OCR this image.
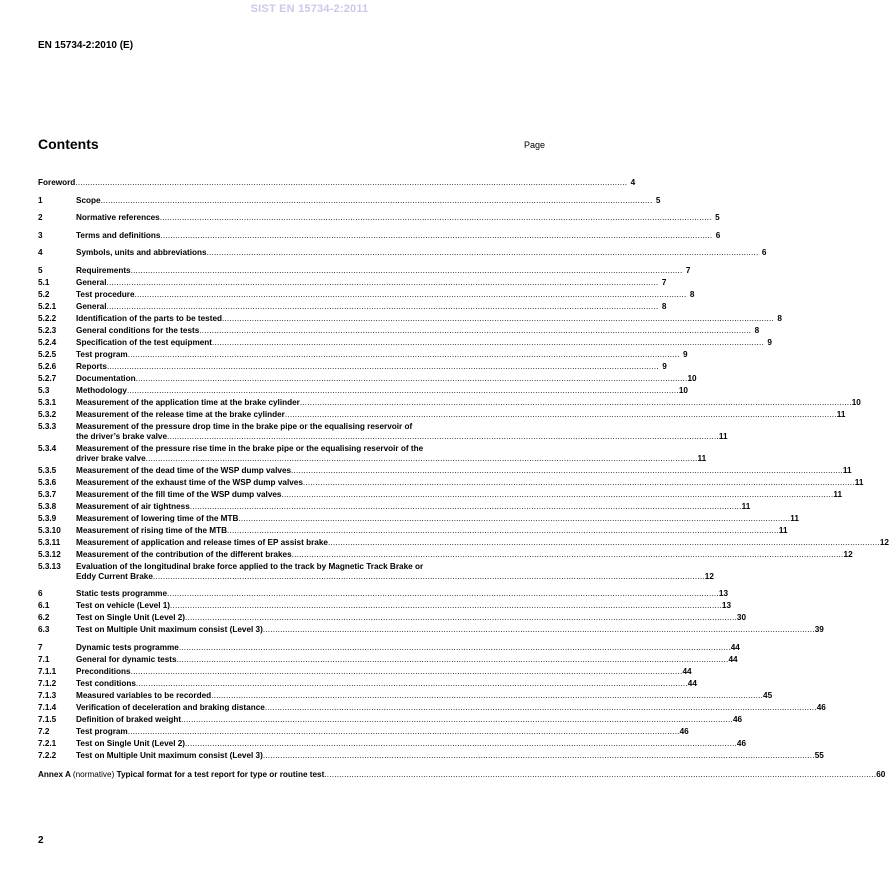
SIST EN 15734-2:2011
EN 15734-2:2010 (E)
Contents	Page
Foreword .....	4
1	Scope .....	5
2	Normative references .....	5
3	Terms and definitions .....	6
4	Symbols, units and abbreviations .....	6
5	Requirements .....	7
5.1	General .....	7
5.2	Test procedure .....	8
5.2.1	General .....	8
5.2.2	Identification of the parts to be tested .....	8
5.2.3	General conditions for the tests .....	8
5.2.4	Specification of the test equipment .....	9
5.2.5	Test program .....	9
5.2.6	Reports .....	9
5.2.7	Documentation .....	10
5.3	Methodology .....	10
5.3.1	Measurement of the application time at the brake cylinder .....	10
5.3.2	Measurement of the release time at the brake cylinder .....	11
5.3.3	Measurement of the pressure drop time in the brake pipe or the equalising reservoir of
the driver’s brake valve .....	11
5.3.4	Measurement of the pressure rise time in the brake pipe or the equalising reservoir of the
driver brake valve .....	11
5.3.5	Measurement of the dead time of the WSP dump valves .....	11
5.3.6	Measurement of the exhaust time of the WSP dump valves .....	11
5.3.7	Measurement of the fill time of the WSP dump valves .....	11
5.3.8	Measurement of air tightness .....	11
5.3.9	Measurement of lowering time of the MTB .....	11
5.3.10	Measurement of rising time of the MTB .....	11
5.3.11	Measurement of application and release times of EP assist brake .....	12
5.3.12	Measurement of the contribution of the different brakes .....	12
5.3.13	Evaluation of the longitudinal brake force applied to the track by Magnetic Track Brake or
Eddy Current Brake .....	12
6	Static tests programme .....	13
6.1	Test on vehicle (Level 1) .....	13
6.2	Test on Single Unit (Level 2) .....	30
6.3	Test on Multiple Unit maximum consist (Level 3) .....	39
7	Dynamic tests programme .....	44
7.1	General for dynamic tests .....	44
7.1.1	Preconditions .....	44
7.1.2	Test conditions .....	44
7.1.3	Measured variables to be recorded .....	45
7.1.4	Verification of deceleration and braking distance .....	46
7.1.5	Definition of braked weight .....	46
7.2	Test program .....	46
7.2.1	Test on Single Unit (Level 2) .....	46
7.2.2	Test on Multiple Unit maximum consist (Level 3) .....	55
Annex A (normative) Typical format for a test report for type or routine test .....	60
2
